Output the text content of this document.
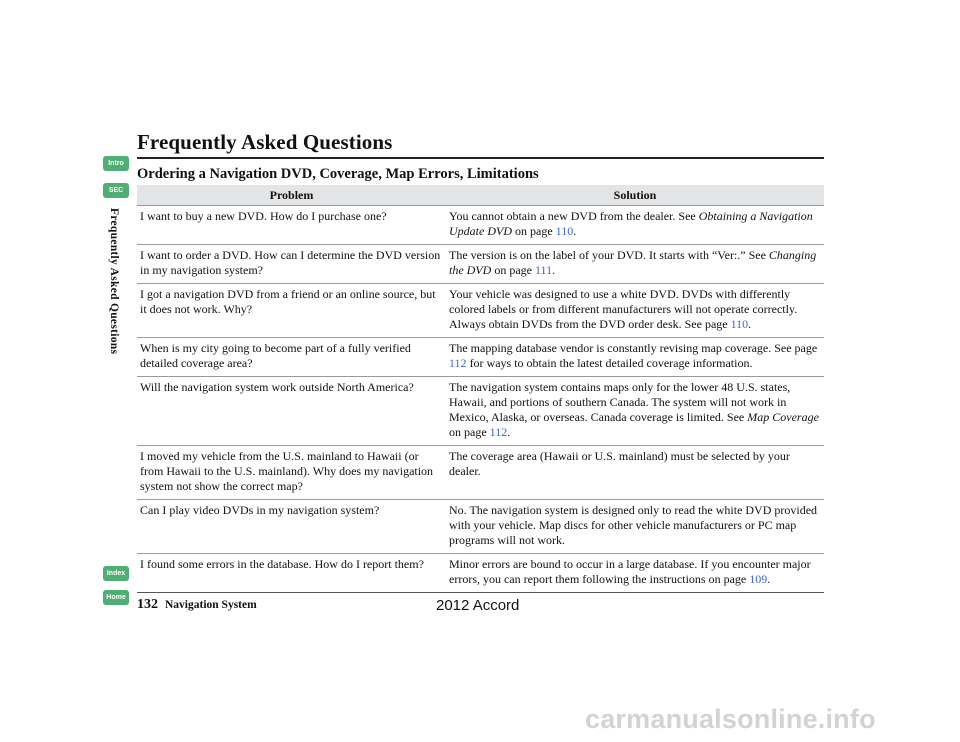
Frequently Asked Questions
Ordering a Navigation DVD, Coverage, Map Errors, Limitations
Intro
SEC
Frequently Asked Questions
Index
Home
Problem	Solution
I want to buy a new DVD. How do I purchase one?	You cannot obtain a new DVD from the dealer. See Obtaining a Navigation Update DVD on page 110.
I want to order a DVD. How can I determine the DVD version in my navigation system?	The version is on the label of your DVD. It starts with “Ver:.” See Changing the DVD on page 111.
I got a navigation DVD from a friend or an online source, but it does not work. Why?	Your vehicle was designed to use a white DVD. DVDs with differently colored labels or from different manufacturers will not operate correctly. Always obtain DVDs from the DVD order desk. See page 110.
When is my city going to become part of a fully verified detailed coverage area?	The mapping database vendor is constantly revising map coverage. See page 112 for ways to obtain the latest detailed coverage information.
Will the navigation system work outside North America?	The navigation system contains maps only for the lower 48 U.S. states, Hawaii, and portions of southern Canada. The system will not work in Mexico, Alaska, or overseas. Canada coverage is limited. See Map Coverage on page 112.
I moved my vehicle from the U.S. mainland to Hawaii (or from Hawaii to the U.S. mainland). Why does my navigation system not show the correct map?	The coverage area (Hawaii or U.S. mainland) must be selected by your dealer.
Can I play video DVDs in my navigation system?	No. The navigation system is designed only to read the white DVD provided with your vehicle. Map discs for other vehicle manufacturers or PC map programs will not work.
I found some errors in the database. How do I report them?	Minor errors are bound to occur in a large database. If you encounter major errors, you can report them following the instructions on page 109.
132 Navigation System	2012 Accord
carmanualsonline.info
